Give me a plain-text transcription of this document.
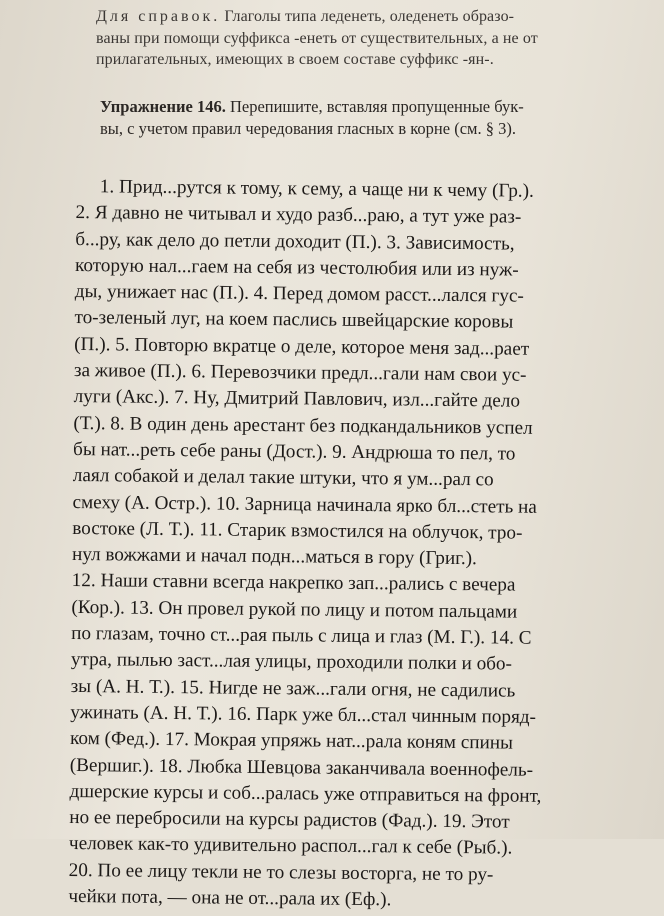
Для справок. Глаголы типа леденеть, оледенеть образо-
ваны при помощи суффикса -енеть от существительных, а не от
прилагательных, имеющих в своем составе суффикс -ян-.
Упражнение 146. Перепишите, вставляя пропущенные бук-
вы, с учетом правил чередования гласных в корне (см. § 3).
1. Прид...рутся к тому, к сему, а чаще ни к чему (Гр.).
2. Я давно не читывал и худо разб...раю, а тут уже раз-
б...ру, как дело до петли доходит (П.). 3. Зависимость,
которую нал...гаем на себя из честолюбия или из нуж-
ды, унижает нас (П.). 4. Перед домом расст...лался гус-
то-зеленый луг, на коем паслись швейцарские коровы
(П.). 5. Повторю вкратце о деле, которое меня зад...рает
за живое (П.). 6. Перевозчики предл...гали нам свои ус-
луги (Акс.). 7. Ну, Дмитрий Павлович, изл...гайте дело
(Т.). 8. В один день арестант без подкандальников успел
бы нат...реть себе раны (Дост.). 9. Андрюша то пел, то
лаял собакой и делал такие штуки, что я ум...рал со
смеху (А. Остр.). 10. Зарница начинала ярко бл...стеть на
востоке (Л. Т.). 11. Старик взмостился на облучок, тро-
нул вожжами и начал подн...маться в гору (Григ.).
12. Наши ставни всегда накрепко зап...рались с вечера
(Кор.). 13. Он провел рукой по лицу и потом пальцами
по глазам, точно ст...рая пыль с лица и глаз (М. Г.). 14. С
утра, пылью заст...лая улицы, проходили полки и обо-
зы (А. Н. Т.). 15. Нигде не заж...гали огня, не садились
ужинать (А. Н. Т.). 16. Парк уже бл...стал чинным поряд-
ком (Фед.). 17. Мокрая упряжь нат...рала коням спины
(Вершиг.). 18. Любка Шевцова заканчивала военнофель-
дшерские курсы и соб...ралась уже отправиться на фронт,
но ее перебросили на курсы радистов (Фад.). 19. Этот
человек как-то удивительно распол...гал к себе (Рыб.).
20. По ее лицу текли не то слезы восторга, не то ру-
чейки пота, — она не от...рала их (Еф.).
